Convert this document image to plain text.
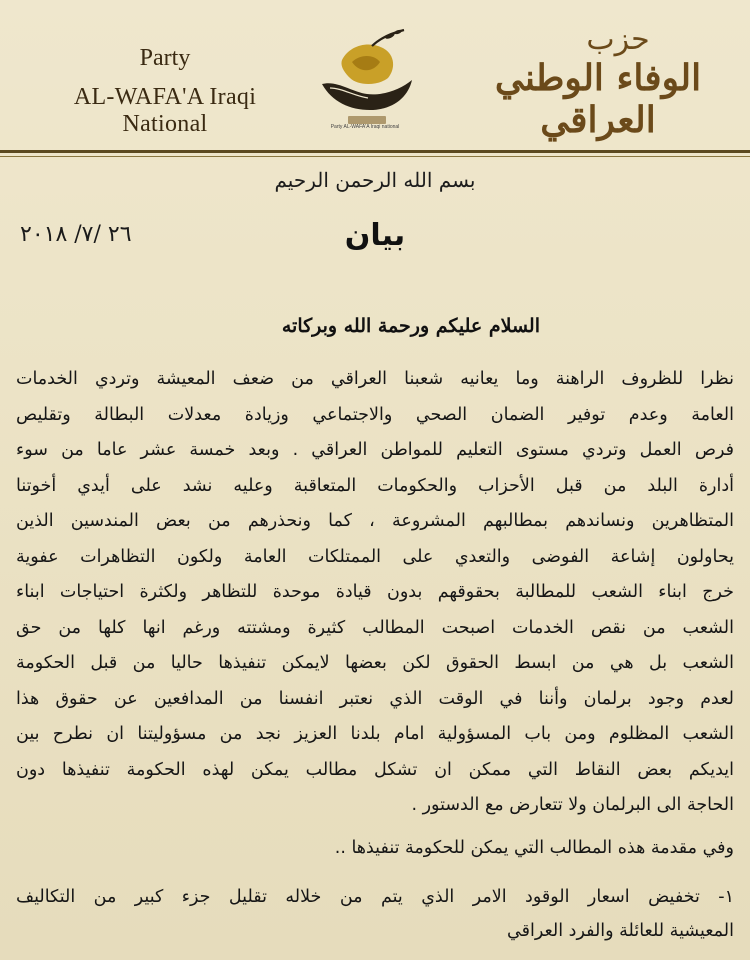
Party
AL-WAFA'A Iraqi National	Party AL-WAFA'A Iraqi national
حزب
الوفاء الوطني العراقي
بسم الله الرحمن الرحيم
٢٦ /٧/ ٢٠١٨	بيان
السلام عليكم ورحمة الله وبركاته
نظرا للظروف الراهنة وما يعانيه شعبنا العراقي من ضعف المعيشة وتردي الخدمات
العامة وعدم توفير الضمان الصحي والاجتماعي وزيادة معدلات البطالة وتقليص
فرص العمل وتردي مستوى التعليم للمواطن العراقي . وبعد خمسة عشر عاما من سوء
أدارة البلد من قبل الأحزاب والحكومات المتعاقبة وعليه نشد على أيدي أخوتنا
المتظاهرين ونساندهم بمطالبهم المشروعة ، كما ونحذرهم من بعض المندسين الذين
يحاولون إشاعة الفوضى والتعدي على الممتلكات العامة ولكون التظاهرات عفوية
خرج ابناء الشعب للمطالبة بحقوقهم بدون قيادة موحدة للتظاهر ولكثرة احتياجات ابناء
الشعب من نقص الخدمات اصبحت المطالب كثيرة ومشتته ورغم انها كلها من حق
الشعب بل هي من ابسط الحقوق لكن بعضها لايمكن تنفيذها حاليا من قبل الحكومة
لعدم وجود برلمان وأننا في الوقت الذي نعتبر انفسنا من المدافعين عن حقوق هذا
الشعب المظلوم ومن باب المسؤولية امام بلدنا العزيز نجد من مسؤوليتنا ان نطرح بين
ايديكم بعض النقاط التي ممكن ان تشكل مطالب يمكن لهذه الحكومة تنفيذها دون
الحاجة الى البرلمان ولا تتعارض مع الدستور .
وفي مقدمة هذه المطالب التي يمكن للحكومة تنفيذها ..
١- تخفيض اسعار الوقود الامر الذي يتم من خلاله تقليل جزء كبير من التكاليف
المعيشية للعائلة والفرد العراقي
